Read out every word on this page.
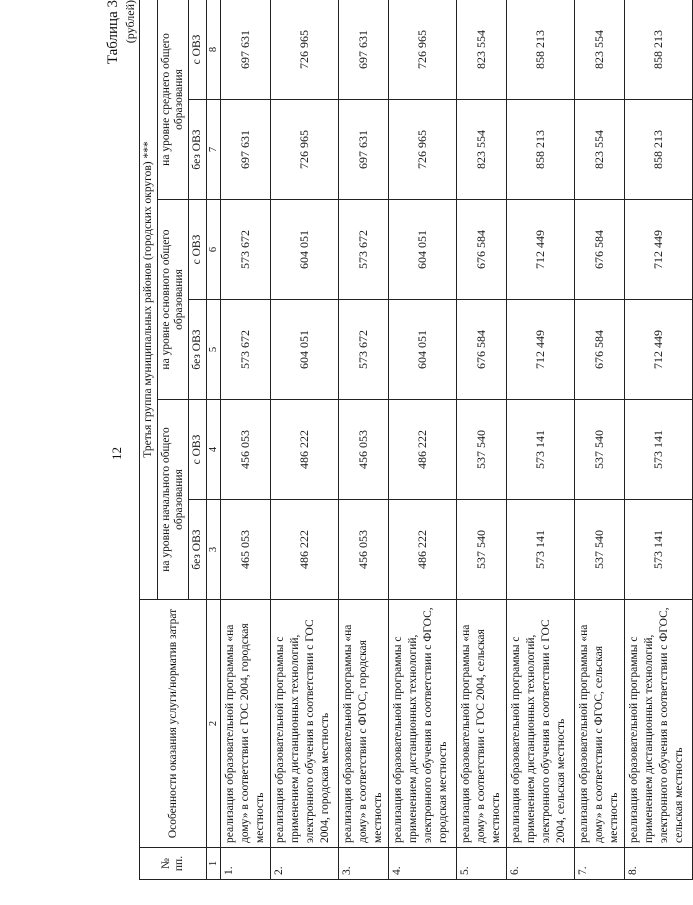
12
Таблица 3 (рублей)
№ пп.	Особенности оказания услуги/норматив затрат	Третья группа муниципальных районов (городских округов) ***					
		на уровне начального общего образования		на уровне основного общего образования		на уровне среднего общего образования	
		без ОВЗ	с ОВЗ	без ОВЗ	с ОВЗ	без ОВЗ	с ОВЗ
1	2	3	4	5	6	7	8
1.	реализация образовательной программы «на дому» в соответствии с ГОС 2004, городская местность	465 053	456 053	573 672	573 672	697 631	697 631
2.	реализация образовательной программы с применением дистанционных технологий, электронного обучения в соответствии с ГОС 2004, городская местность	486 222	486 222	604 051	604 051	726 965	726 965
3.	реализация образовательной программы «на дому» в соответствии с ФГОС, городская местность	456 053	456 053	573 672	573 672	697 631	697 631
4.	реализация образовательной программы с применением дистанционных технологий, электронного обучения в соответствии с ФГОС, городская местность	486 222	486 222	604 051	604 051	726 965	726 965
5.	реализация образовательной программы «на дому» в соответствии с ГОС 2004, сельская местность	537 540	537 540	676 584	676 584	823 554	823 554
6.	реализация образовательной программы с применением дистанционных технологий, электронного обучения в соответствии с ГОС 2004, сельская местность	573 141	573 141	712 449	712 449	858 213	858 213
7.	реализация образовательной программы «на дому» в соответствии с ФГОС, сельская местность	537 540	537 540	676 584	676 584	823 554	823 554
8.	реализация образовательной программы с применением дистанционных технологий, электронного обучения в соответствии с ФГОС, сельская местность	573 141	573 141	712 449	712 449	858 213	858 213
